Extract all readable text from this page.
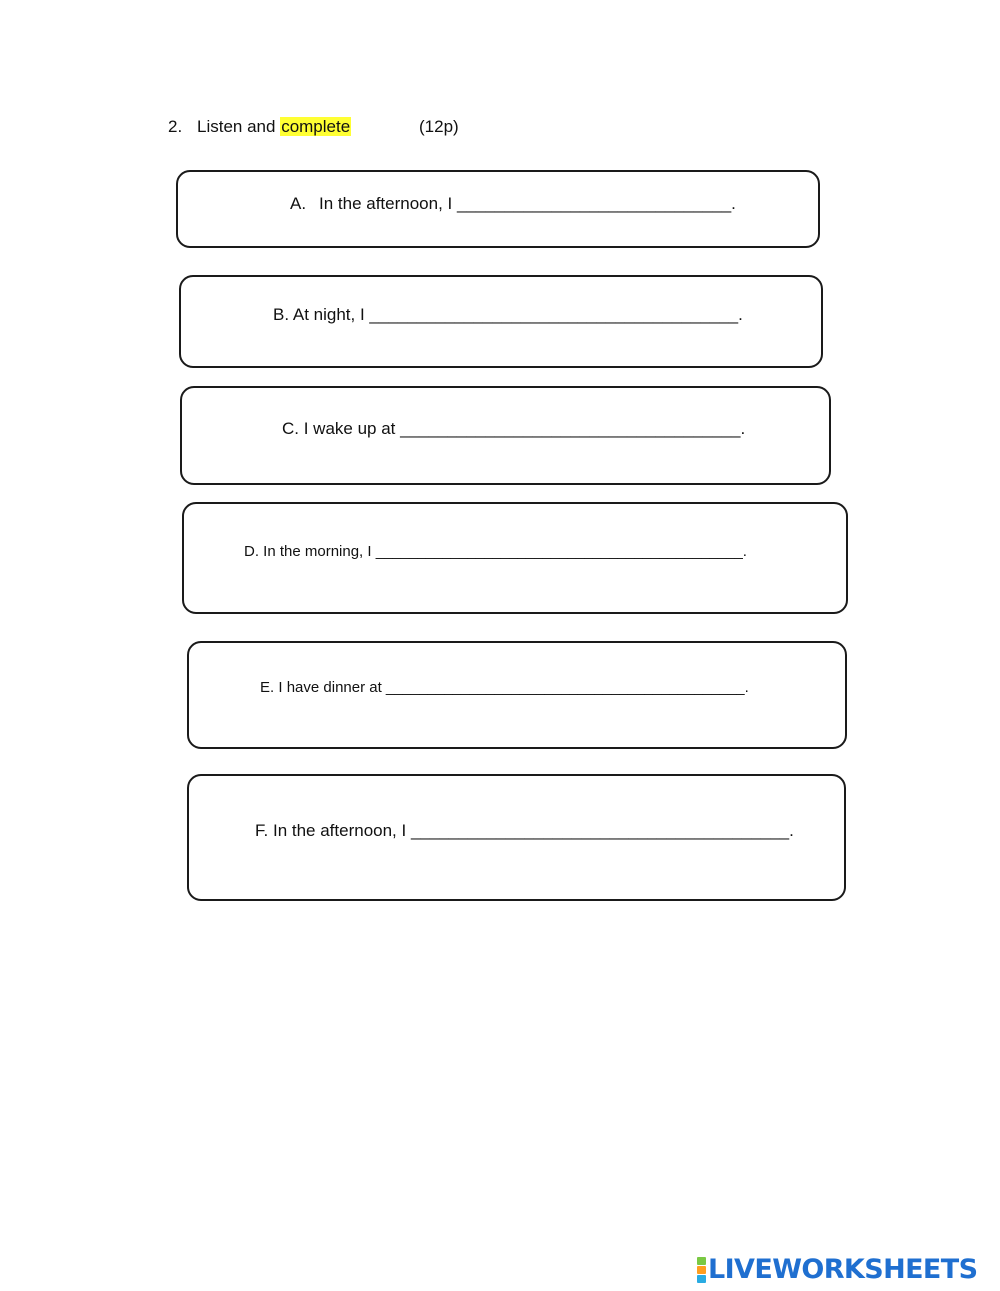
2. Listen and complete	(12p)
A. In the afternoon, I _____________________________.
B. At night, I _______________________________________.
C. I wake up at ____________________________________.
D. In the morning, I ____________________________________________.
E. I have dinner at ___________________________________________.
F. In the afternoon, I ________________________________________.
LIVEWORKSHEETS
